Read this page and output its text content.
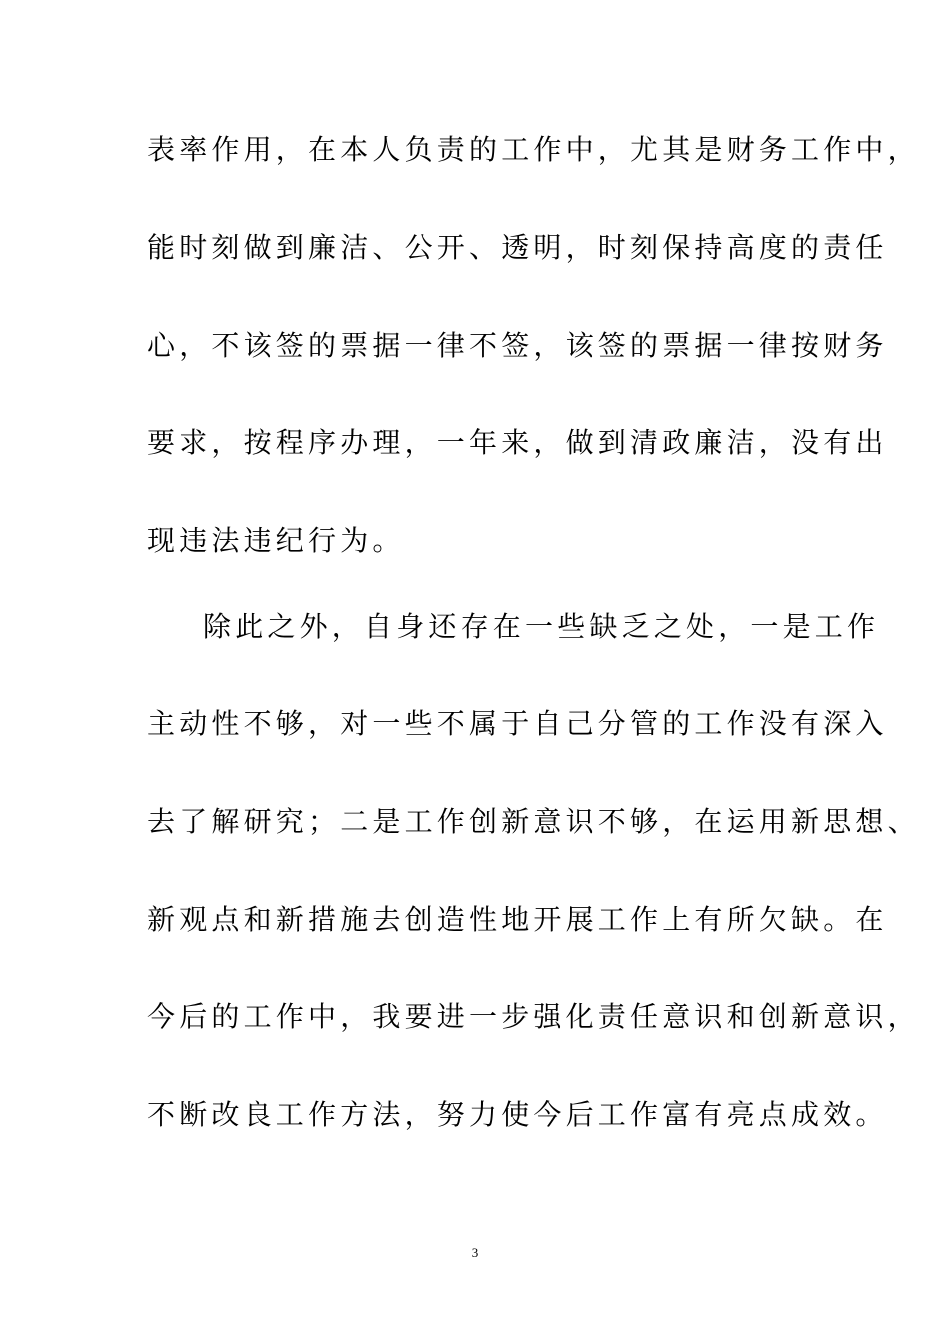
表率作用，在本人负责的工作中，尤其是财务工作中，
能时刻做到廉洁、公开、透明，时刻保持高度的责任
心，不该签的票据一律不签，该签的票据一律按财务
要求，按程序办理，一年来，做到清政廉洁，没有出
现违法违纪行为。
除此之外，自身还存在一些缺乏之处，一是工作
主动性不够，对一些不属于自己分管的工作没有深入
去了解研究；二是工作创新意识不够，在运用新思想、
新观点和新措施去创造性地开展工作上有所欠缺。在
今后的工作中，我要进一步强化责任意识和创新意识，
不断改良工作方法，努力使今后工作富有亮点成效。
3
